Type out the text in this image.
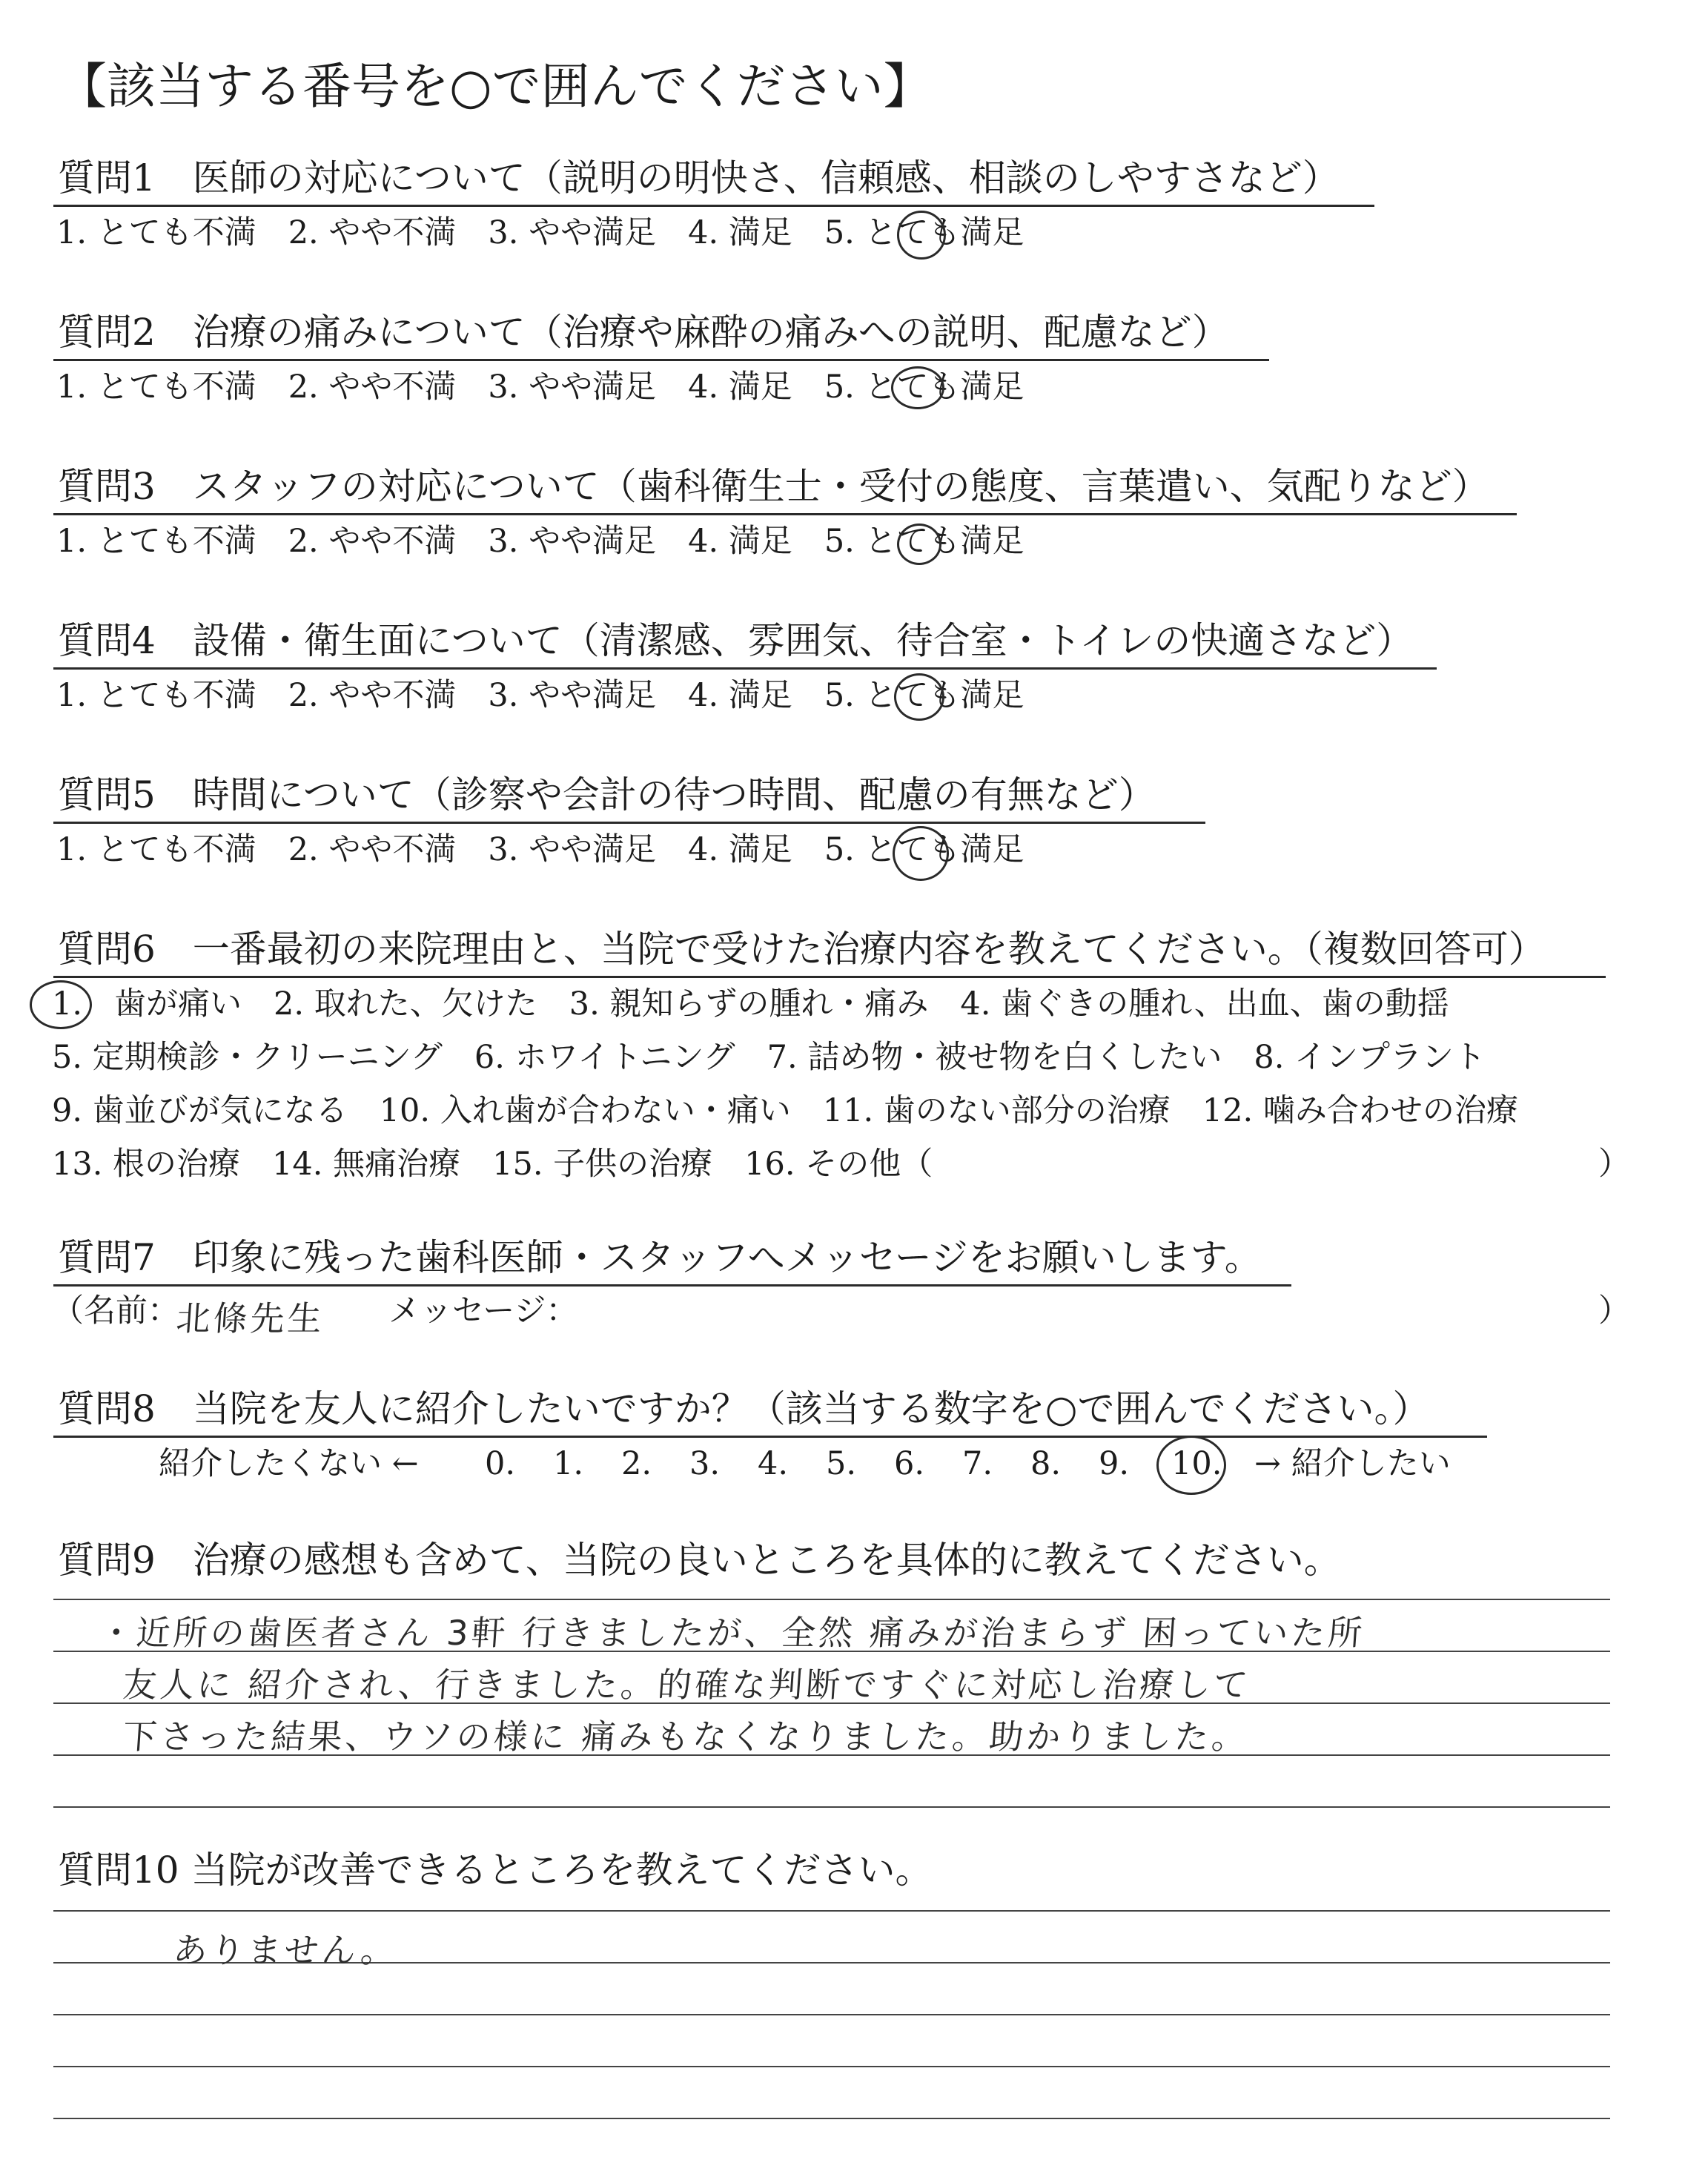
【該当する番号を○で囲んでください】
質問1　医師の対応について（説明の明快さ、信頼感、相談のしやすさなど）
1. とても不満  2. やや不満  3. やや満足  4. 満足  5. とても満足
質問2　治療の痛みについて（治療や麻酔の痛みへの説明、配慮など）
1. とても不満  2. やや不満  3. やや満足  4. 満足  5. とても満足
質問3　スタッフの対応について（歯科衛生士・受付の態度、言葉遣い、気配りなど）
1. とても不満  2. やや不満  3. やや満足  4. 満足  5. とても満足
質問4　設備・衛生面について（清潔感、雰囲気、待合室・トイレの快適さなど）
1. とても不満  2. やや不満  3. やや満足  4. 満足  5. とても満足
質問5　時間について（診察や会計の待つ時間、配慮の有無など）
1. とても不満  2. やや不満  3. やや満足  4. 満足  5. とても満足
質問6　一番最初の来院理由と、当院で受けた治療内容を教えてください。（複数回答可）
1.　歯が痛い　2. 取れた、欠けた　3. 親知らずの腫れ・痛み　4. 歯ぐきの腫れ、出血、歯の動揺
5. 定期検診・クリーニング　6. ホワイトニング　7. 詰め物・被せ物を白くしたい　8. インプラント
9. 歯並びが気になる　10. 入れ歯が合わない・痛い　11. 歯のない部分の治療　12. 噛み合わせの治療
13. 根の治療　14. 無痛治療　15. 子供の治療　16. その他（	）
質問7　印象に残った歯科医師・スタッフへメッセージをお願いします。
（名前：
北條先生 メッセージ：	）
質問8　当院を友人に紹介したいですか？（該当する数字を○で囲んでください。）
紹介したくない ← 0. 1. 2. 3. 4. 5. 6. 7. 8. 9. 10. → 紹介したい
質問9　治療の感想も含めて、当院の良いところを具体的に教えてください。
・近所の歯医者さん 3軒 行きましたが、全然 痛みが治まらず 困っていた所
友人に 紹介され、行きました。的確な判断ですぐに対応し治療して
下さった結果、ウソの様に 痛みもなくなりました。助かりました。
質問10 当院が改善できるところを教えてください。
ありません。
